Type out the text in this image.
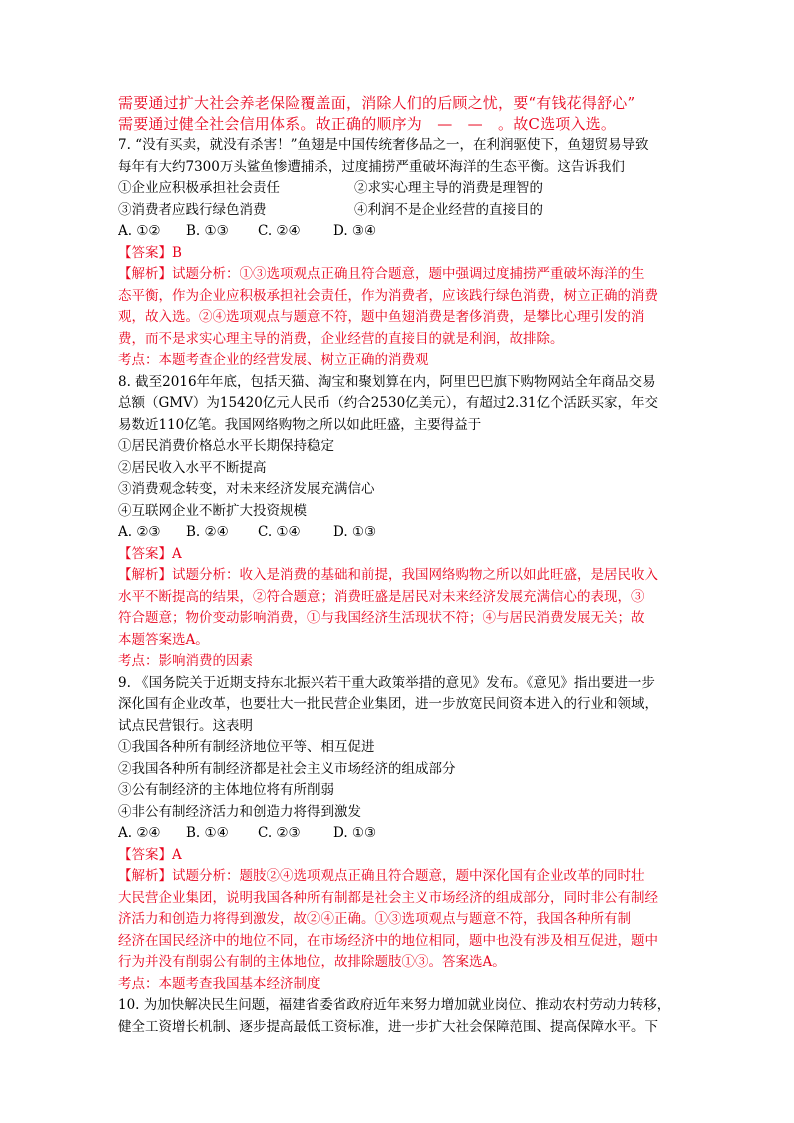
需要通过扩大社会养老保险覆盖面，消除人们的后顾之忧，要“有钱花得舒心”
需要通过健全社会信用体系。故正确的顺序为　—　—　。故C选项入选。
7. “没有买卖，就没有杀害！”鱼翅是中国传统奢侈品之一，在利润驱使下，鱼翅贸易导致
每年有大约7300万头鲨鱼惨遭捕杀，过度捕捞严重破坏海洋的生态平衡。这告诉我们
①企业应积极承担社会责任	②求实心理主导的消费是理智的
③消费者应践行绿色消费	④利润不是企业经营的直接目的
A. ①② B. ①③ C. ②④ D. ③④
【答案】B
【解析】试题分析：①③选项观点正确且符合题意，题中强调过度捕捞严重破坏海洋的生
态平衡，作为企业应积极承担社会责任，作为消费者，应该践行绿色消费，树立正确的消费
观，故入选。②④选项观点与题意不符，题中鱼翅消费是奢侈消费，是攀比心理引发的消
费，而不是求实心理主导的消费，企业经营的直接目的就是利润，故排除。
考点：本题考查企业的经营发展、树立正确的消费观
8. 截至2016年年底，包括天猫、淘宝和聚划算在内，阿里巴巴旗下购物网站全年商品交易
总额（GMV）为15420亿元人民币（约合2530亿美元），有超过2.31亿个活跃买家，年交
易数近110亿笔。我国网络购物之所以如此旺盛，主要得益于
①居民消费价格总水平长期保持稳定
②居民收入水平不断提高
③消费观念转变，对未来经济发展充满信心
④互联网企业不断扩大投资规模
A. ②③ B. ②④ C. ①④ D. ①③
【答案】A
【解析】试题分析：收入是消费的基础和前提，我国网络购物之所以如此旺盛，是居民收入
水平不断提高的结果，②符合题意；消费旺盛是居民对未来经济发展充满信心的表现，③
符合题意；物价变动影响消费，①与我国经济生活现状不符；④与居民消费发展无关；故
本题答案选A。
考点：影响消费的因素
9. 《国务院关于近期支持东北振兴若干重大政策举措的意见》发布。《意见》指出要进一步
深化国有企业改革，也要壮大一批民营企业集团，进一步放宽民间资本进入的行业和领域，
试点民营银行。这表明
①我国各种所有制经济地位平等、相互促进
②我国各种所有制经济都是社会主义市场经济的组成部分
③公有制经济的主体地位将有所削弱
④非公有制经济活力和创造力将得到激发
A. ②④ B. ①④ C. ②③ D. ①③
【答案】A
【解析】试题分析：题肢②④选项观点正确且符合题意，题中深化国有企业改革的同时壮
大民营企业集团，说明我国各种所有制都是社会主义市场经济的组成部分，同时非公有制经
济活力和创造力将得到激发，故②④正确。①③选项观点与题意不符，我国各种所有制
经济在国民经济中的地位不同，在市场经济中的地位相同，题中也没有涉及相互促进，题中
行为并没有削弱公有制的主体地位，故排除题肢①③。答案选A。
考点：本题考查我国基本经济制度
10. 为加快解决民生问题，福建省委省政府近年来努力增加就业岗位、推动农村劳动力转移，
健全工资增长机制、逐步提高最低工资标准，进一步扩大社会保障范围、提高保障水平。下
